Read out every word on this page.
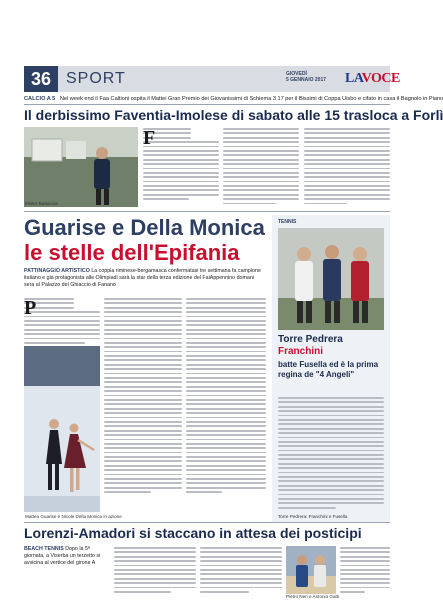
36 SPORT	GIOVEDÌ
5 GENNAIO 2017	LAVOCE
CALCIO A 5 Nel week end il Faa Caltioni ospita il Mattei Gran Premio dei Giovanissimi di Schiema 3 17 per il Bissimi di Coppa Uisbo e cifato in casa il Bagnolo in Piano
Il derbissimo Faventia-Imolese di sabato alle 15 trasloca a Forlì
Mister Battaccia
F
Guarise e Della Monica
le stelle dell'Epifania
PATTINAGGIO ARTISTICO La coppia riminese-bergamasca confermatasi tre settimana fa campione italiano e già protagonista alle Olimpiadi sarà la star della terza edizione del FaiAppennino domani sera al Palazzo del Ghiaccio di Fanano
P
Mattea Guarise e Nicole Della Monica in azione
TENNIS
Torre Pedrera Franchini
batte Fusella ed è la prima regina de "4 Angeli"
Torre Pedrera: Franchini e Fusella
Lorenzi-Amadori si staccano in attesa dei posticipi
BEACH TENNIS Dopo la 5ª giornata, a Viserba un terzetto si avvicina al vertice del girone A
Pietro Neri e Antonio Gatti
